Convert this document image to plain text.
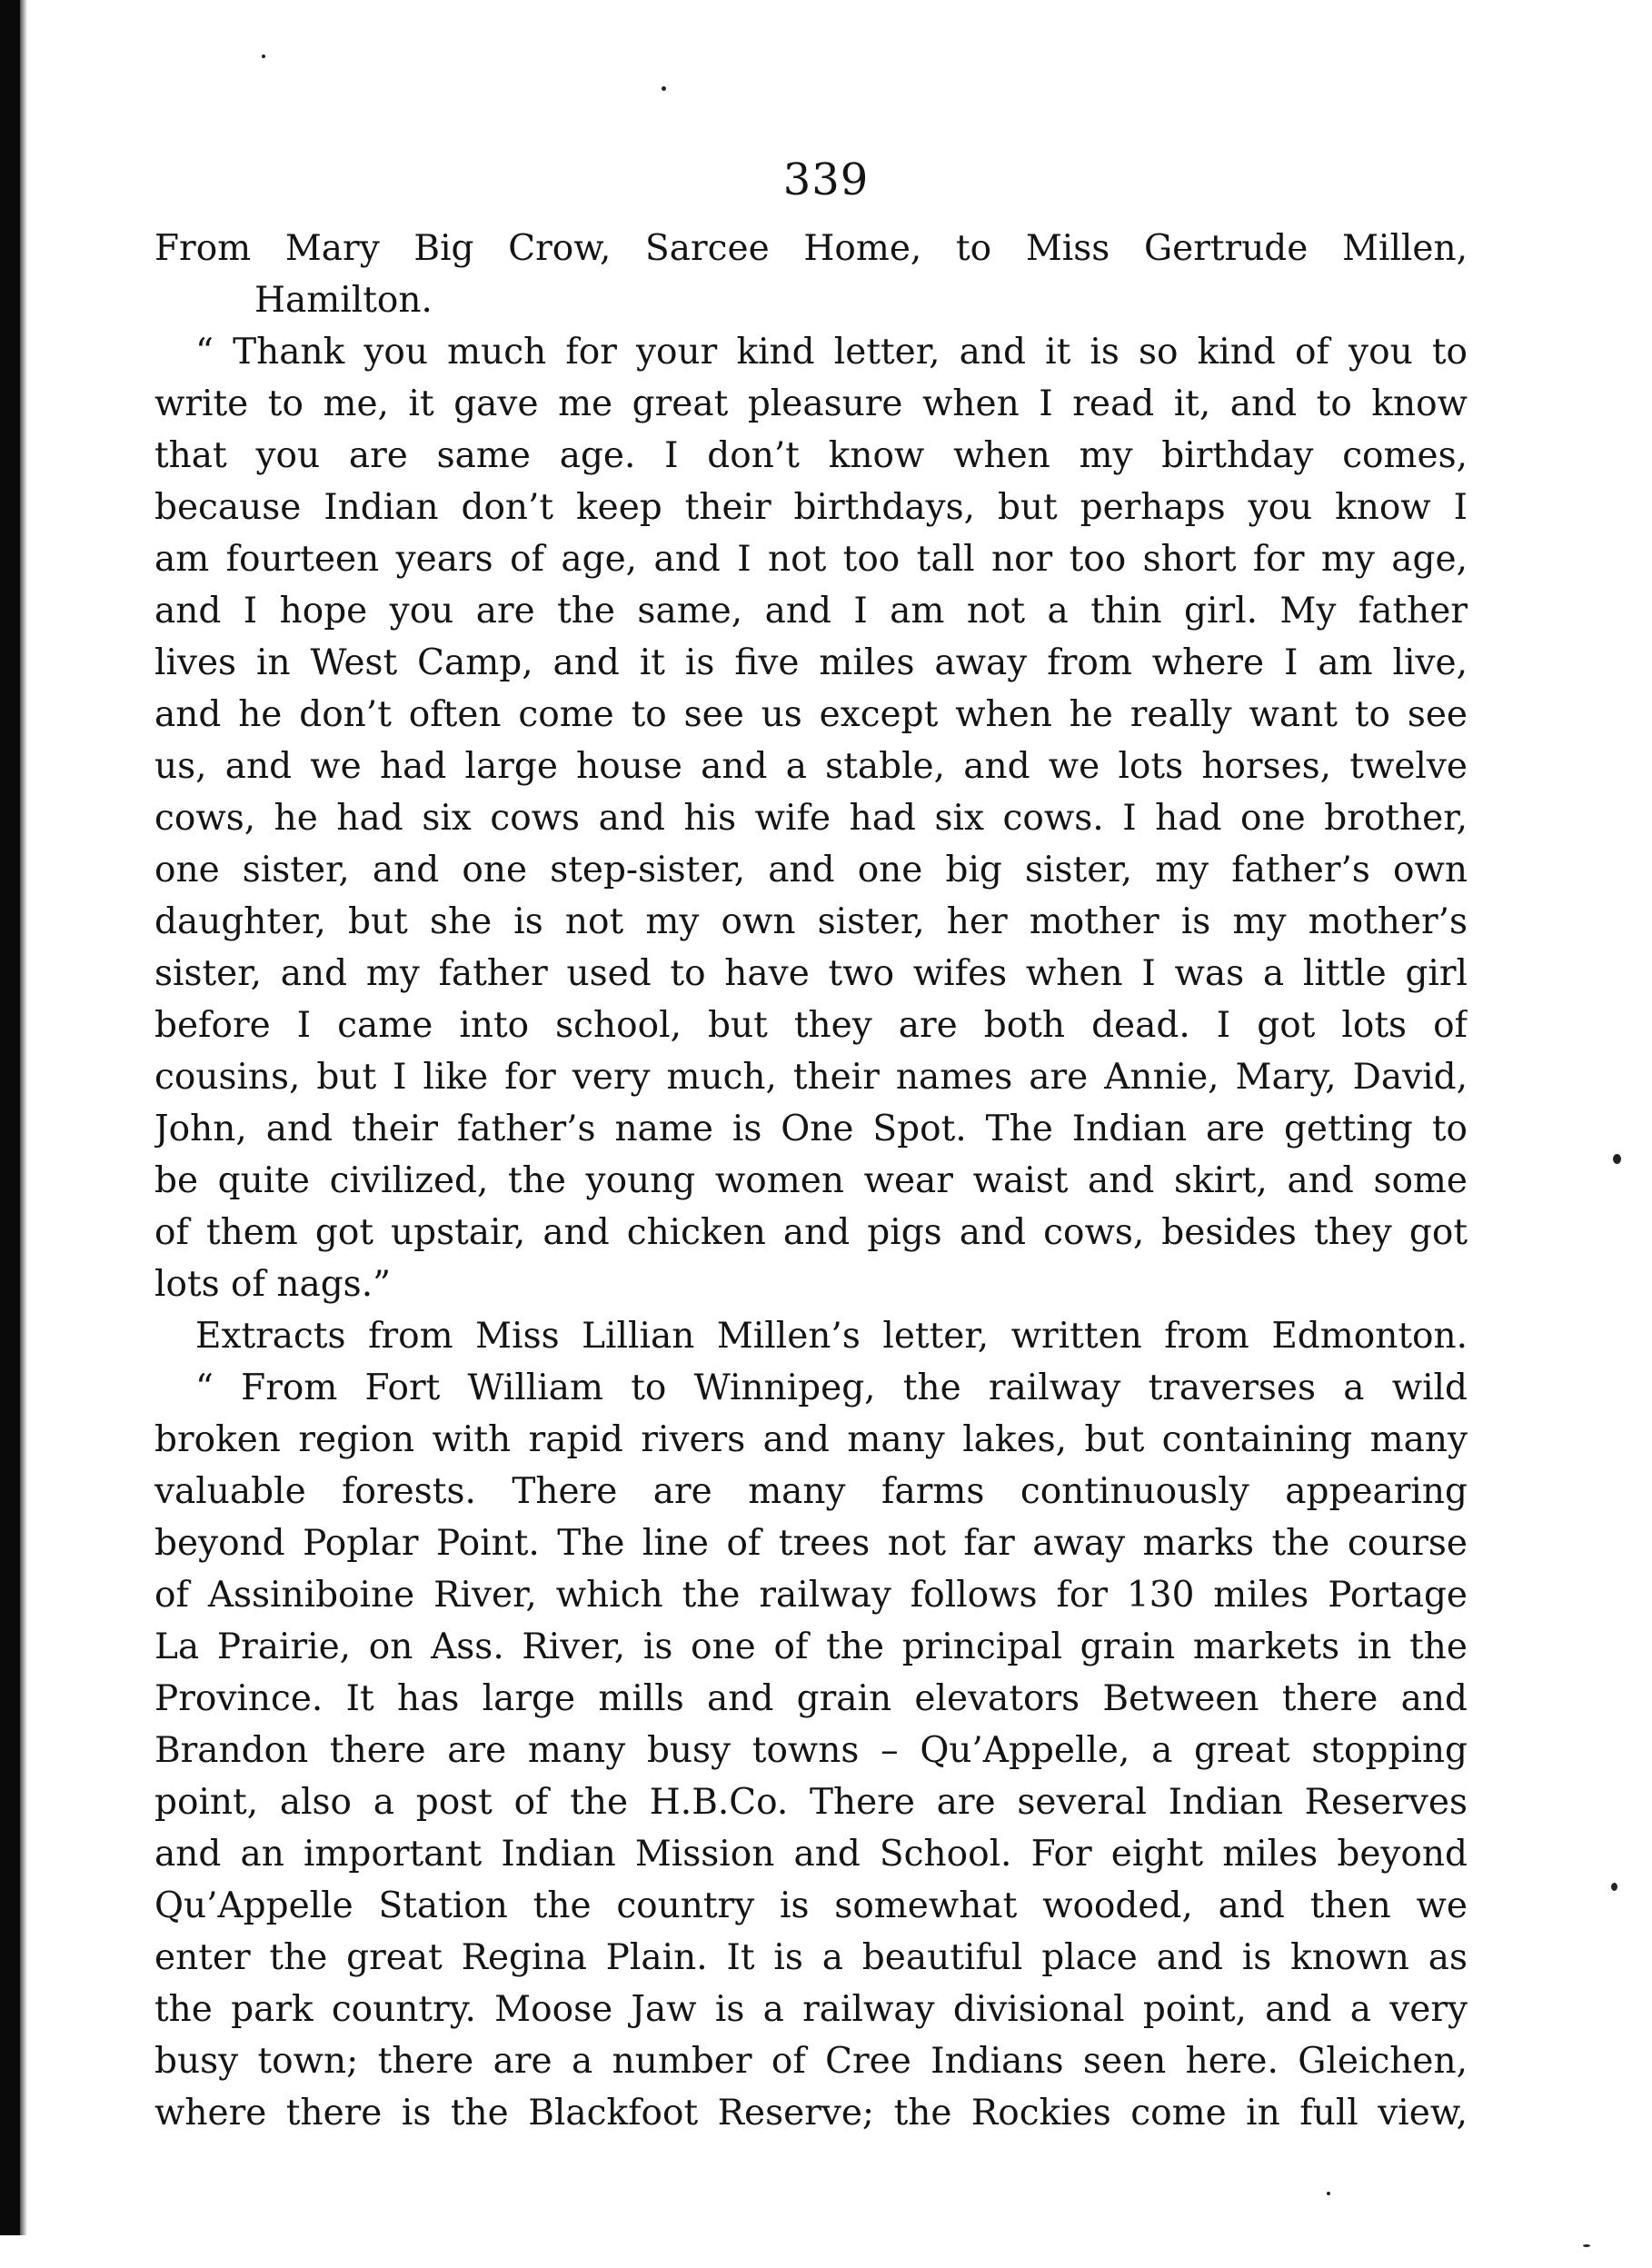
339
From Mary Big Crow, Sarcee Home, to Miss Gertrude Millen,
Hamilton.
“ Thank you much for your kind letter, and it is so kind of you to
write to me, it gave me great pleasure when I read it, and to know
that you are same age. I don’t know when my birthday comes,
because Indian don’t keep their birthdays, but perhaps you know I
am fourteen years of age, and I not too tall nor too short for my age,
and I hope you are the same, and I am not a thin girl. My father
lives in West Camp, and it is five miles away from where I am live,
and he don’t often come to see us except when he really want to see
us, and we had large house and a stable, and we lots horses, twelve
cows, he had six cows and his wife had six cows. I had one brother,
one sister, and one step-sister, and one big sister, my father’s own
daughter, but she is not my own sister, her mother is my mother’s
sister, and my father used to have two wifes when I was a little girl
before I came into school, but they are both dead. I got lots of
cousins, but I like for very much, their names are Annie, Mary, David,
John, and their father’s name is One Spot. The Indian are getting to
be quite civilized, the young women wear waist and skirt, and some
of them got upstair, and chicken and pigs and cows, besides they got
lots of nags.”
Extracts from Miss Lillian Millen’s letter, written from Edmonton.
“ From Fort William to Winnipeg, the railway traverses a wild
broken region with rapid rivers and many lakes, but containing many
valuable forests. There are many farms continuously appearing
beyond Poplar Point. The line of trees not far away marks the course
of Assiniboine River, which the railway follows for 130 miles Portage
La Prairie, on Ass. River, is one of the principal grain markets in the
Province. It has large mills and grain elevators Between there and
Brandon there are many busy towns – Qu’Appelle, a great stopping
point, also a post of the H.B.Co. There are several Indian Reserves
and an important Indian Mission and School. For eight miles beyond
Qu’Appelle Station the country is somewhat wooded, and then we
enter the great Regina Plain. It is a beautiful place and is known as
the park country. Moose Jaw is a railway divisional point, and a very
busy town; there are a number of Cree Indians seen here. Gleichen,
where there is the Blackfoot Reserve; the Rockies come in full view,
